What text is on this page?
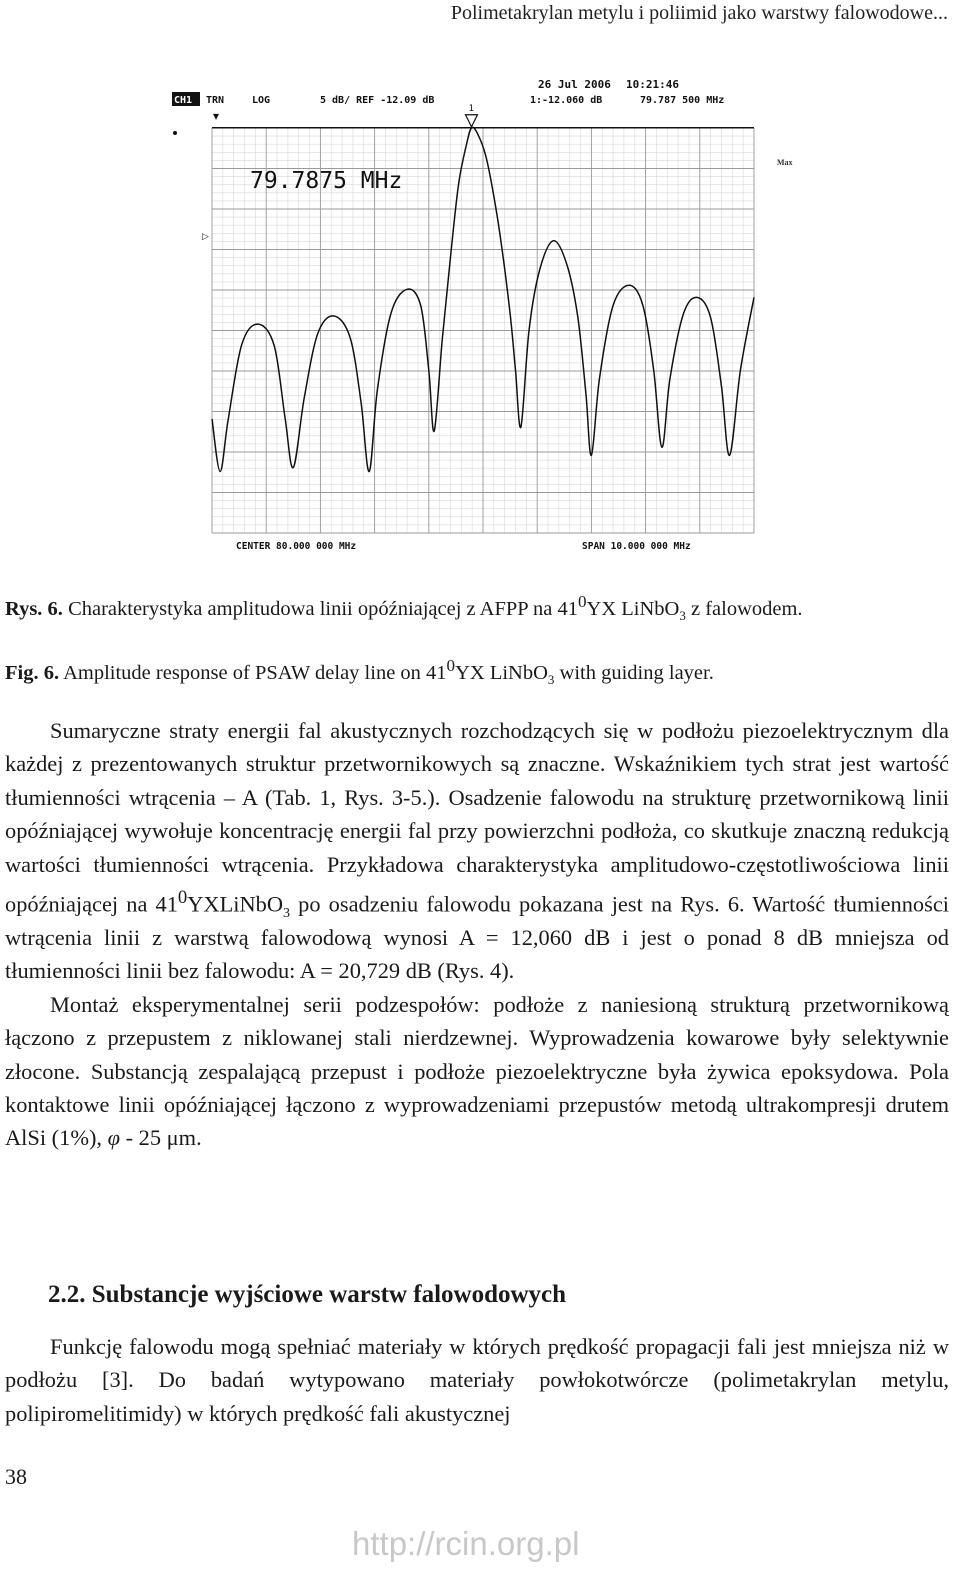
Polimetakrylan metylu i poliimid jako warstwy falowodowe...
26 Jul 2006 10:21:46
CH1 TRN	LOG	5 dB/ REF -12.09 dB	1:-12.060 dB	79.787 500 MHz
▾
Max
▷
1
79.7875 MHz
CENTER 80.000 000 MHz	SPAN 10.000 000 MHz
Rys. 6. Charakterystyka amplitudowa linii opóźniającej z AFPP na $41^0YX$ LiNbO$_3$ z falowodem.
Fig. 6. Amplitude response of PSAW delay line on $41^0YX$ LiNbO$_3$ with guiding layer.

Sumaryczne straty energii fal akustycznych rozchodzących się w podłożu piezoelektrycznym dla każdej z prezentowanych struktur przetwornikowych są znaczne. Wskaźnikiem tych strat jest wartość tłumienności wtrącenia – A (Tab. 1, Rys. 3-5.). Osadzenie falowodu na strukturę przetwornikową linii opóźniającej wywołuje koncentrację energii fal przy powierzchni podłoża, co skutkuje znaczną redukcją wartości tłumienności wtrącenia. Przykładowa charakterystyka amplitudowo-częstotliwościowa linii opóźniającej na $41^0YXLiNbO_3$ po osadzeniu falowodu pokazana jest na Rys. 6. Wartość tłumienności wtrącenia linii z warstwą falowodową wynosi A = 12,060 dB i jest o ponad 8 dB mniejsza od tłumienności linii bez falowodu: A = 20,729 dB (Rys. 4).

Montaż eksperymentalnej serii podzespołów: podłoże z naniesioną strukturą przetwornikową łączono z przepustem z niklowanej stali nierdzewnej. Wyprowadzenia kowarowe były selektywnie złocone. Substancją zespalającą przepust i podłoże piezoelektryczne była żywica epoksydowa. Pola kontaktowe linii opóźniającej łączono z wyprowadzeniami przepustów metodą ultrakompresji drutem AlSi (1%), φ - 25 μm.

2.2. Substancje wyjściowe warstw falowodowych

Funkcję falowodu mogą spełniać materiały w których prędkość propagacji fali jest mniejsza niż w podłożu [3]. Do badań wytypowano materiały powłokotwórcze (polimetakrylan metylu, polipiromelitimidy) w których prędkość fali akustycznej

38
http://rcin.org.pl
